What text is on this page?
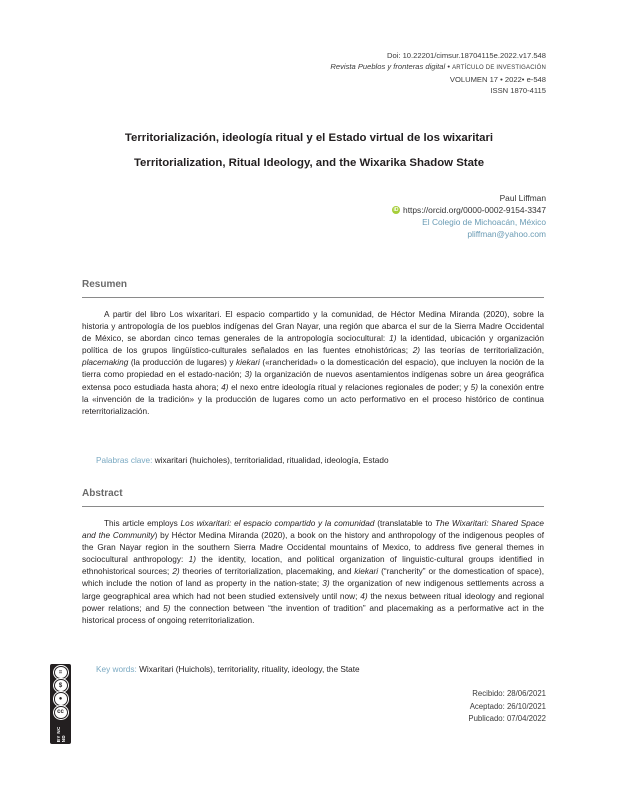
Doi: 10.22201/cimsur.18704115e.2022.v17.548
Revista Pueblos y fronteras digital • ARTÍCULO DE INVESTIGACIÓN
VOLUMEN 17 • 2022• e-548
ISSN 1870-4115
Territorialización, ideología ritual y el Estado virtual de los wixaritari
Territorialization, Ritual Ideology, and the Wixarika Shadow State
Paul Liffman
iD https://orcid.org/0000-0002-9154-3347
El Colegio de Michoacán, México
pliffman@yahoo.com
Resumen
A partir del libro Los wixaritari. El espacio compartido y la comunidad, de Héctor Medina Miranda (2020), sobre la historia y antropología de los pueblos indígenas del Gran Nayar, una región que abarca el sur de la Sierra Madre Occidental de México, se abordan cinco temas generales de la antropología sociocultural: 1) la identidad, ubicación y organización política de los grupos lingüístico-culturales señalados en las fuentes etnohistóricas; 2) las teorías de territorialización, placemaking (la producción de lugares) y kiekari («rancheridad» o la domesticación del espacio), que incluyen la noción de la tierra como propiedad en el estado-nación; 3) la organización de nuevos asentamientos indígenas sobre un área geográfica extensa poco estudiada hasta ahora; 4) el nexo entre ideología ritual y relaciones regionales de poder; y 5) la conexión entre la «invención de la tradición» y la producción de lugares como un acto performativo en el proceso histórico de continua reterritorialización.
Palabras clave: wixaritari (huicholes), territorialidad, ritualidad, ideología, Estado
Abstract
This article employs Los wixaritari: el espacio compartido y la comunidad (translatable to The Wixaritari: Shared Space and the Community) by Héctor Medina Miranda (2020), a book on the history and anthropology of the indigenous peoples of the Gran Nayar region in the southern Sierra Madre Occidental mountains of Mexico, to address five general themes in sociocultural anthropology: 1) the identity, location, and political organization of linguistic-cultural groups identified in ethnohistorical sources; 2) theories of territorialization, placemaking, and kiekari (“rancherity” or the domestication of space), which include the notion of land as property in the nation-state; 3) the organization of new indigenous settlements across a large geographical area which had not been studied extensively until now; 4) the nexus between ritual ideology and regional power relations; and 5) the connection between “the invention of tradition” and placemaking as a performative act in the historical process of ongoing reterritorialization.
Key words: Wixaritari (Huichols), territoriality, rituality, ideology, the State
Recibido: 28/06/2021
Aceptado: 26/10/2021
Publicado: 07/04/2022
=
$
●
cc
BY NC ND
